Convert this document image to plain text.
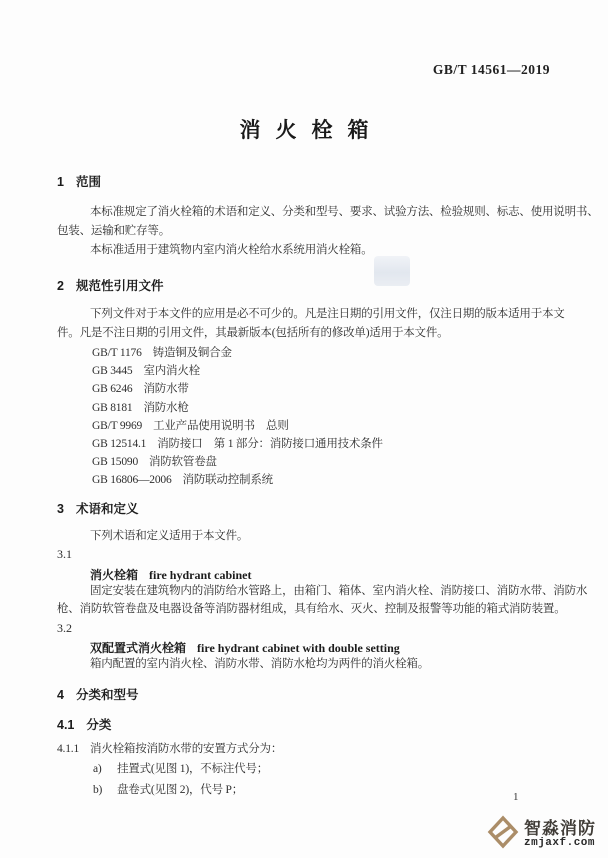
GB/T 14561—2019
消火栓箱
1 范围
本标准规定了消火栓箱的术语和定义、分类和型号、要求、试验方法、检验规则、标志、使用说明书、
包装、运输和贮存等。
本标准适用于建筑物内室内消火栓给水系统用消火栓箱。
2 规范性引用文件
下列文件对于本文件的应用是必不可少的。凡是注日期的引用文件，仅注日期的版本适用于本文
件。凡是不注日期的引用文件，其最新版本(包括所有的修改单)适用于本文件。
GB/T 1176 铸造铜及铜合金
GB 3445 室内消火栓
GB 6246 消防水带
GB 8181 消防水枪
GB/T 9969 工业产品使用说明书　总则
GB 12514.1 消防接口　第 1 部分：消防接口通用技术条件
GB 15090 消防软管卷盘
GB 16806—2006 消防联动控制系统
3 术语和定义
下列术语和定义适用于本文件。
3.1
消火栓箱 fire hydrant cabinet
固定安装在建筑物内的消防给水管路上，由箱门、箱体、室内消火栓、消防接口、消防水带、消防水
枪、消防软管卷盘及电器设备等消防器材组成，具有给水、灭火、控制及报警等功能的箱式消防装置。
3.2
双配置式消火栓箱 fire hydrant cabinet with double setting
箱内配置的室内消火栓、消防水带、消防水枪均为两件的消火栓箱。
4 分类和型号
4.1 分类
4.1.1 消火栓箱按消防水带的安置方式分为：
a) 挂置式(见图 1)，不标注代号；
b) 盘卷式(见图 2)，代号 P；
1
智淼消防
zmjaxf.com
